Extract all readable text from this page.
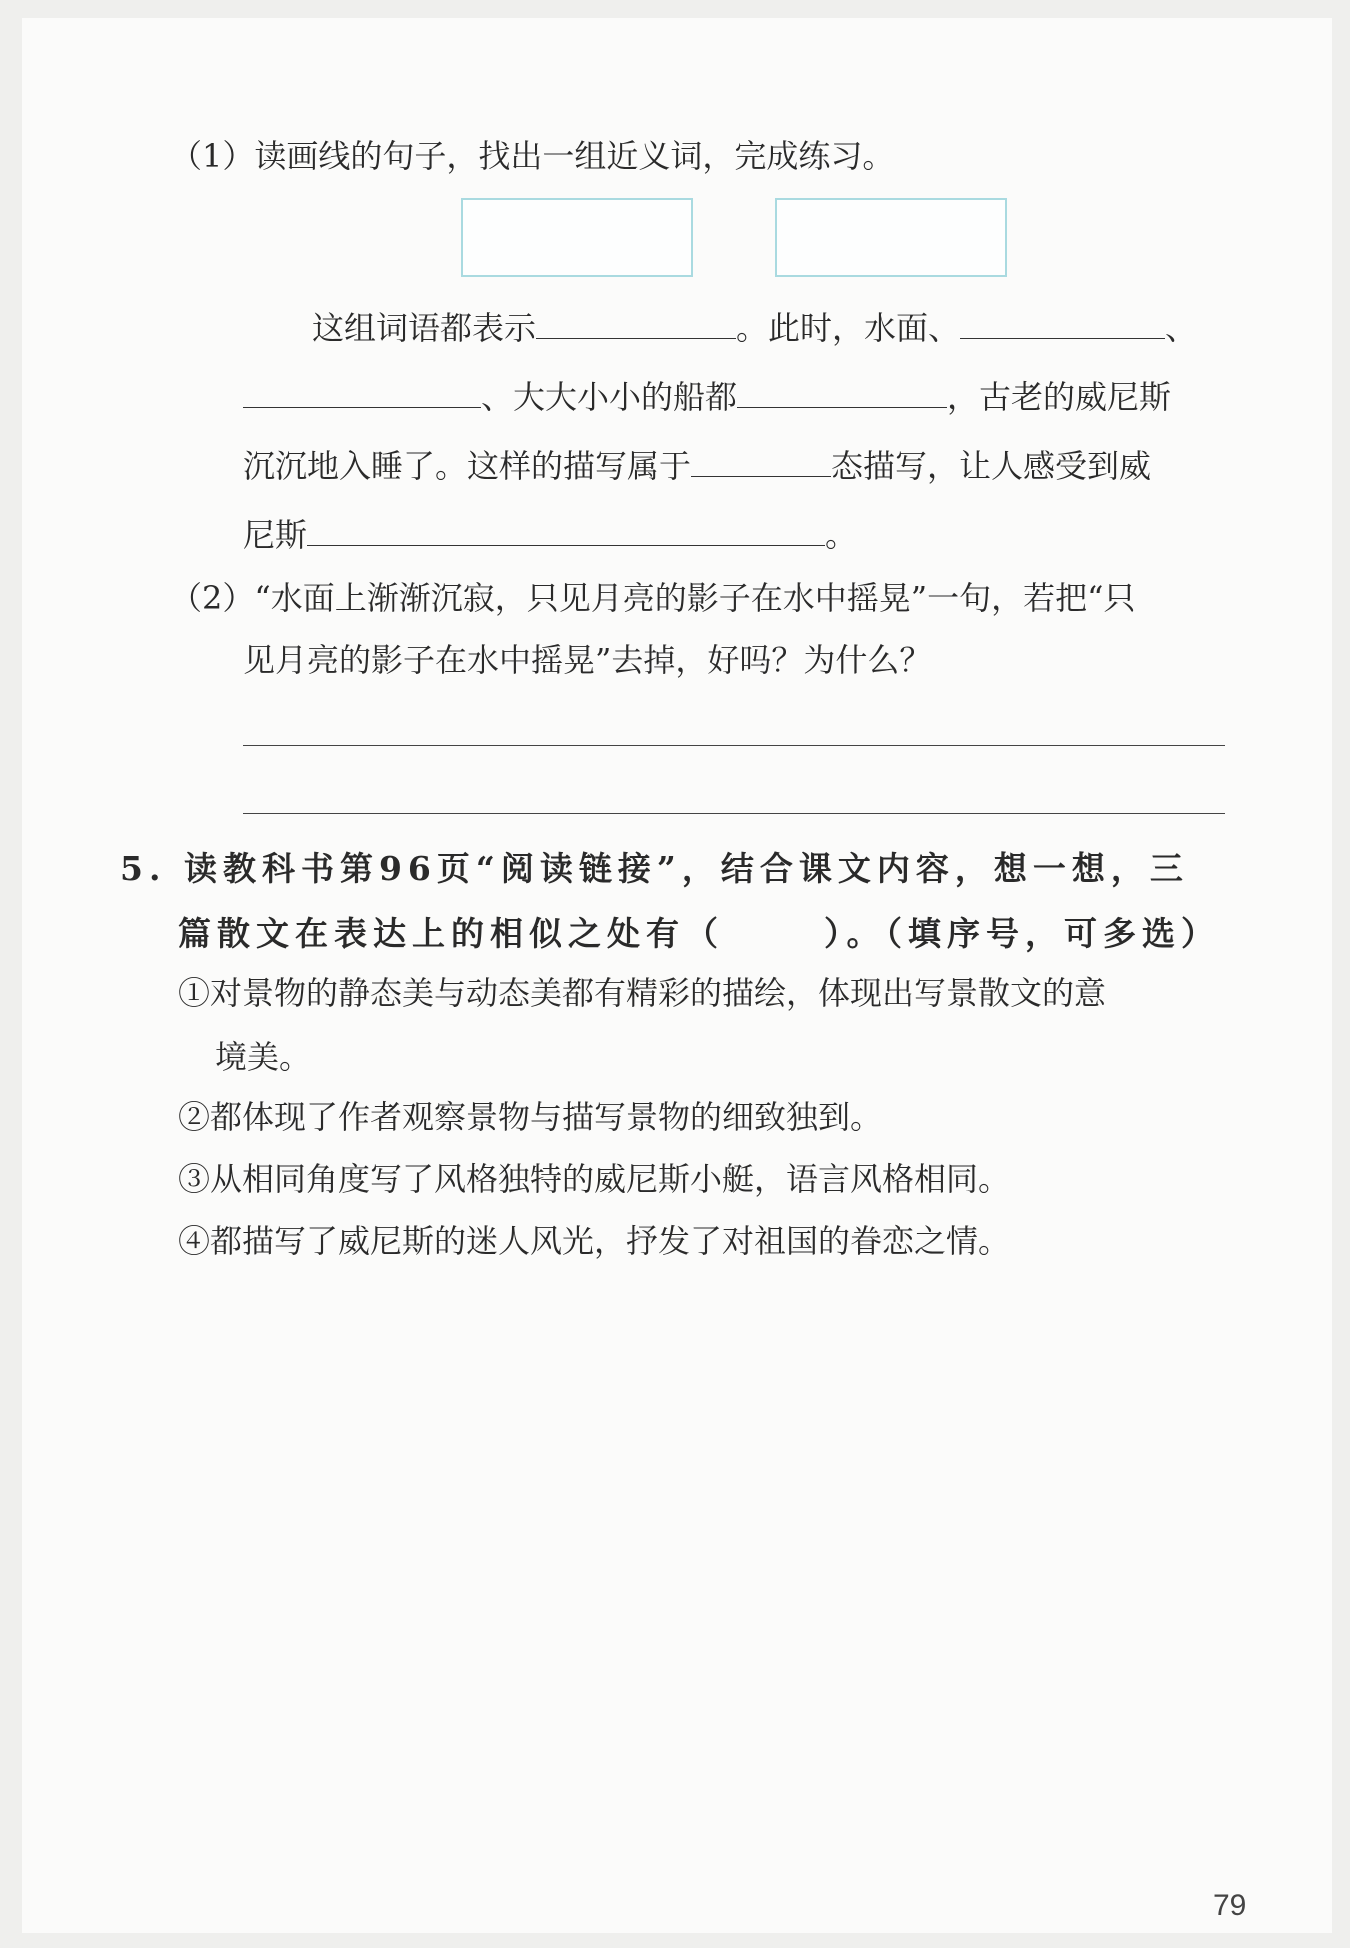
（1）读画线的句子，找出一组近义词，完成练习。
这组词语都表示	。此时，水面、	、
、大大小小的船都	，古老的威尼斯
沉沉地入睡了。这样的描写属于	态描写，让人感受到威
尼斯	。
（2）“水面上渐渐沉寂，只见月亮的影子在水中摇晃”一句，若把“只
见月亮的影子在水中摇晃”去掉，好吗？为什么？
5. 读教科书第96页“阅读链接”，结合课文内容，想一想，三
篇散文在表达上的相似之处有（	）。（填序号，可多选）
①对景物的静态美与动态美都有精彩的描绘，体现出写景散文的意
境美。
②都体现了作者观察景物与描写景物的细致独到。
③从相同角度写了风格独特的威尼斯小艇，语言风格相同。
④都描写了威尼斯的迷人风光，抒发了对祖国的眷恋之情。
79
